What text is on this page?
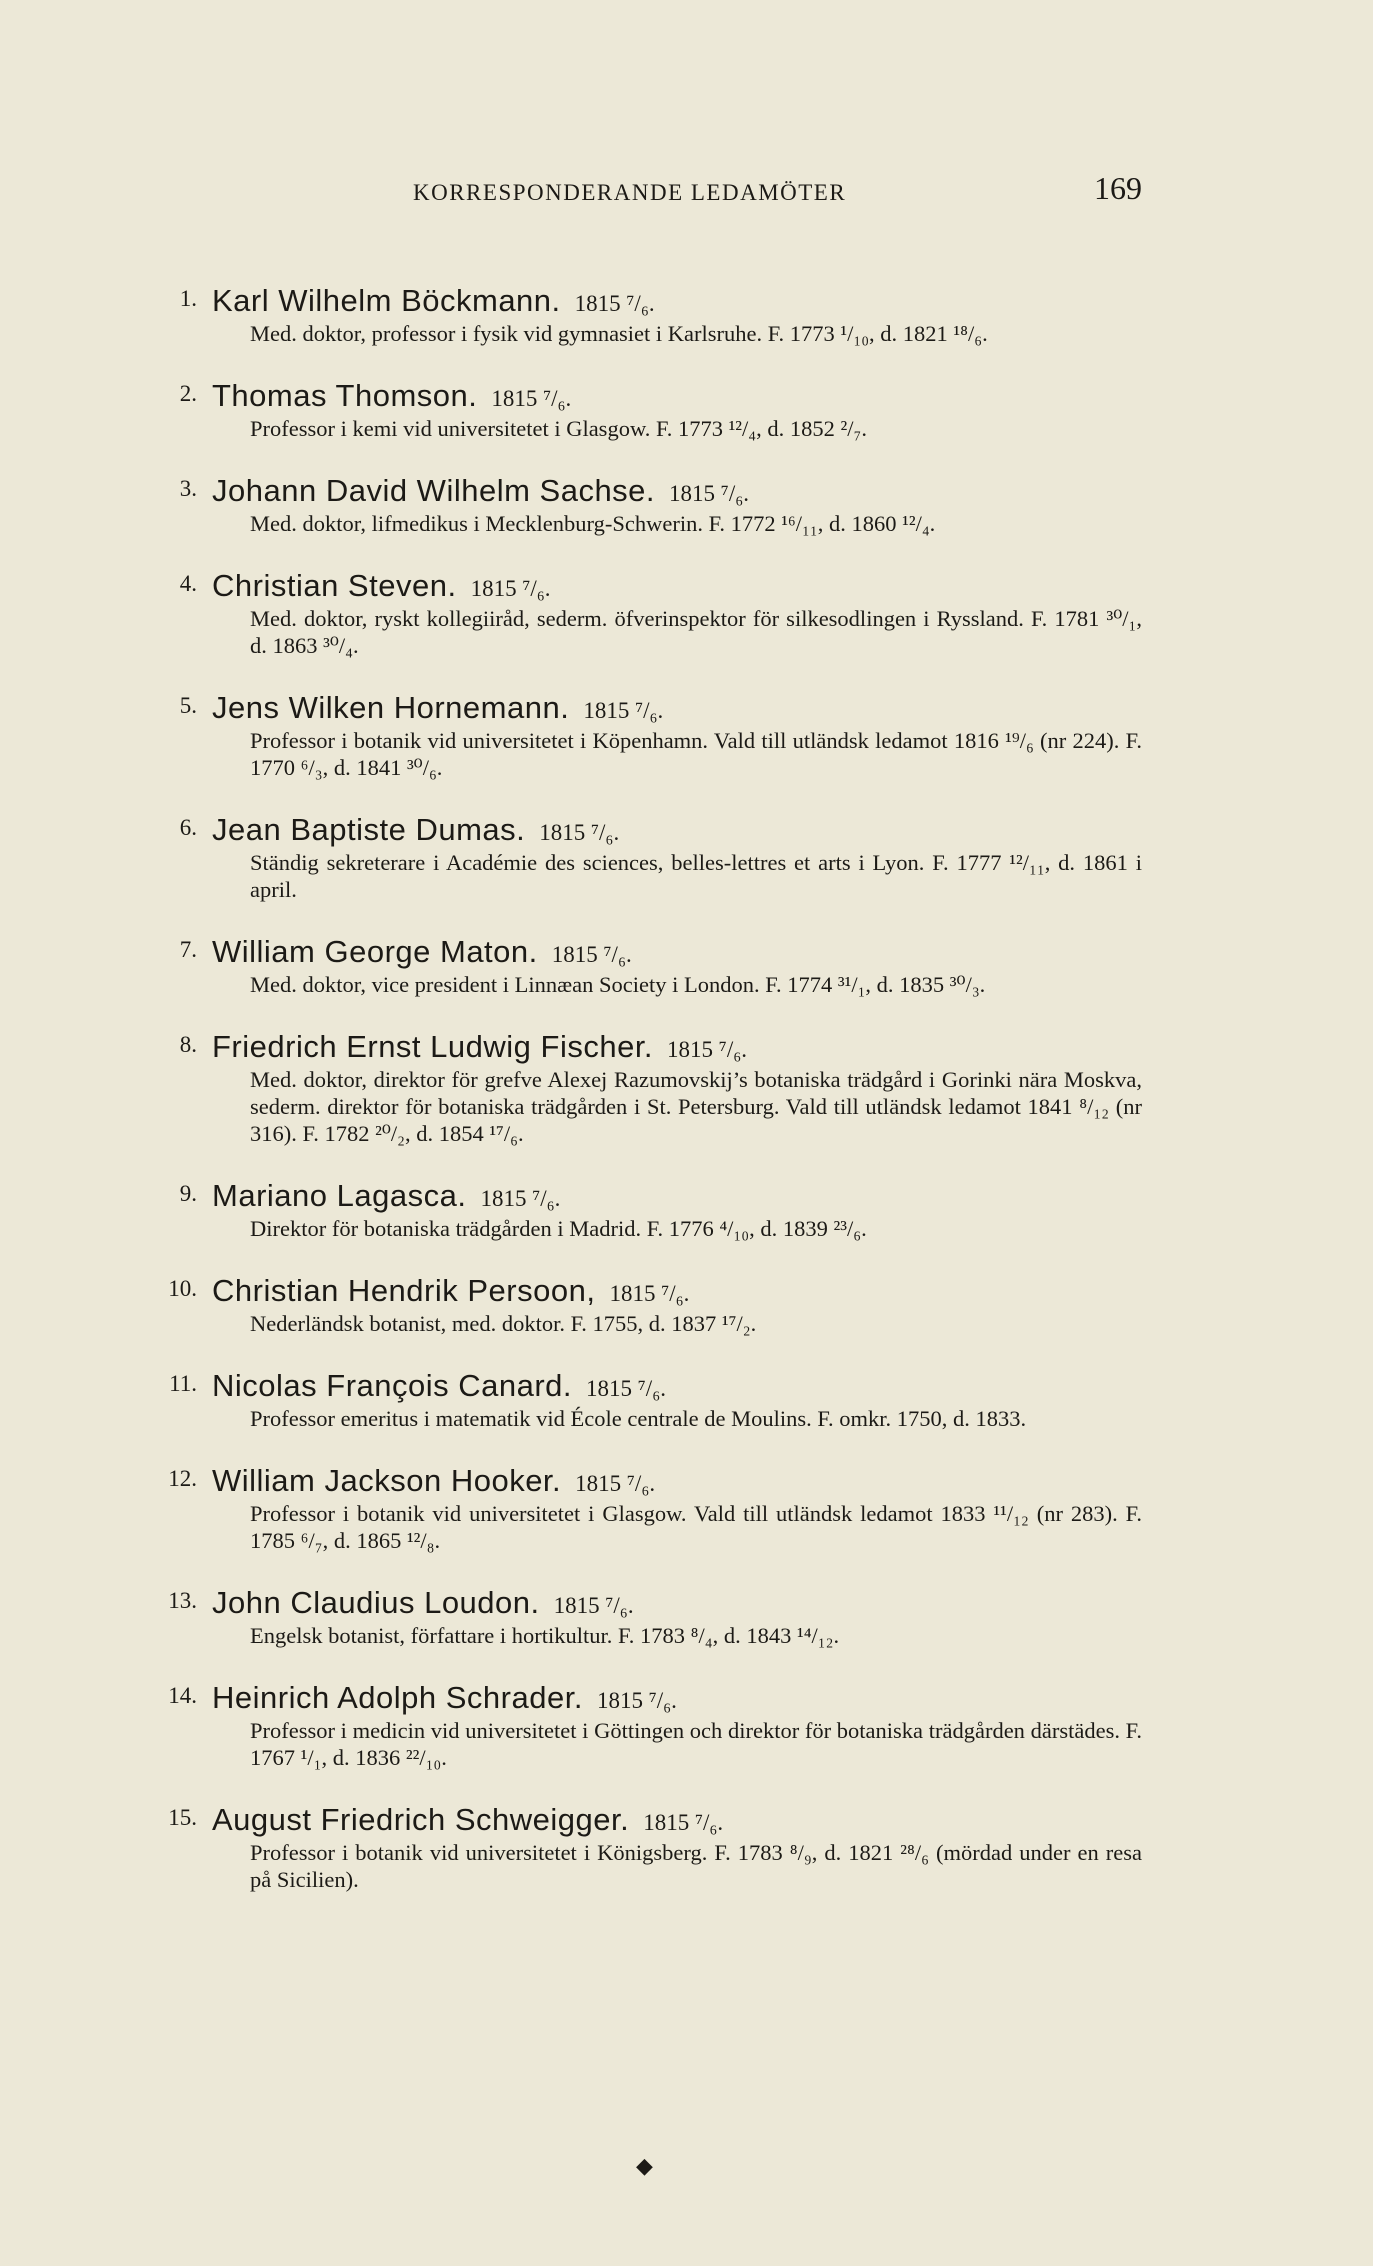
KORRESPONDERANDE LEDAMÖTER	169
1. Karl Wilhelm Böckmann. 1815 ⁷/₆.
Med. doktor, professor i fysik vid gymnasiet i Karlsruhe. F. 1773 ¹/₁₀, d. 1821 ¹⁸/₆.
2. Thomas Thomson. 1815 ⁷/₆.
Professor i kemi vid universitetet i Glasgow. F. 1773 ¹²/₄, d. 1852 ²/₇.
3. Johann David Wilhelm Sachse. 1815 ⁷/₆.
Med. doktor, lifmedikus i Mecklenburg-Schwerin. F. 1772 ¹⁶/₁₁, d. 1860 ¹²/₄.
4. Christian Steven. 1815 ⁷/₆.
Med. doktor, ryskt kollegiiråd, sederm. öfverinspektor för silkesodlingen i Ryssland. F. 1781 ³⁰/₁, d. 1863 ³⁰/₄.
5. Jens Wilken Hornemann. 1815 ⁷/₆.
Professor i botanik vid universitetet i Köpenhamn. Vald till utländsk ledamot 1816 ¹⁹/₆ (nr 224). F. 1770 ⁶/₃, d. 1841 ³⁰/₆.
6. Jean Baptiste Dumas. 1815 ⁷/₆.
Ständig sekreterare i Académie des sciences, belles-lettres et arts i Lyon. F. 1777 ¹²/₁₁, d. 1861 i april.
7. William George Maton. 1815 ⁷/₆.
Med. doktor, vice president i Linnæan Society i London. F. 1774 ³¹/₁, d. 1835 ³⁰/₃.
8. Friedrich Ernst Ludwig Fischer. 1815 ⁷/₆.
Med. doktor, direktor för grefve Alexej Razumovskij’s botaniska trädgård i Gorinki nära Moskva, sederm. direktor för botaniska trädgården i St. Petersburg. Vald till utländsk ledamot 1841 ⁸/₁₂ (nr 316). F. 1782 ²⁰/₂, d. 1854 ¹⁷/₆.
9. Mariano Lagasca. 1815 ⁷/₆.
Direktor för botaniska trädgården i Madrid. F. 1776 ⁴/₁₀, d. 1839 ²³/₆.
10. Christian Hendrik Persoon, 1815 ⁷/₆.
Nederländsk botanist, med. doktor. F. 1755, d. 1837 ¹⁷/₂.
11. Nicolas François Canard. 1815 ⁷/₆.
Professor emeritus i matematik vid École centrale de Moulins. F. omkr. 1750, d. 1833.
12. William Jackson Hooker. 1815 ⁷/₆.
Professor i botanik vid universitetet i Glasgow. Vald till utländsk ledamot 1833 ¹¹/₁₂ (nr 283). F. 1785 ⁶/₇, d. 1865 ¹²/₈.
13. John Claudius Loudon. 1815 ⁷/₆.
Engelsk botanist, författare i hortikultur. F. 1783 ⁸/₄, d. 1843 ¹⁴/₁₂.
14. Heinrich Adolph Schrader. 1815 ⁷/₆.
Professor i medicin vid universitetet i Göttingen och direktor för botaniska trädgården därstädes. F. 1767 ¹/₁, d. 1836 ²²/₁₀.
15. August Friedrich Schweigger. 1815 ⁷/₆.
Professor i botanik vid universitetet i Königsberg. F. 1783 ⁸/₉, d. 1821 ²⁸/₆ (mördad under en resa på Sicilien).
◆
